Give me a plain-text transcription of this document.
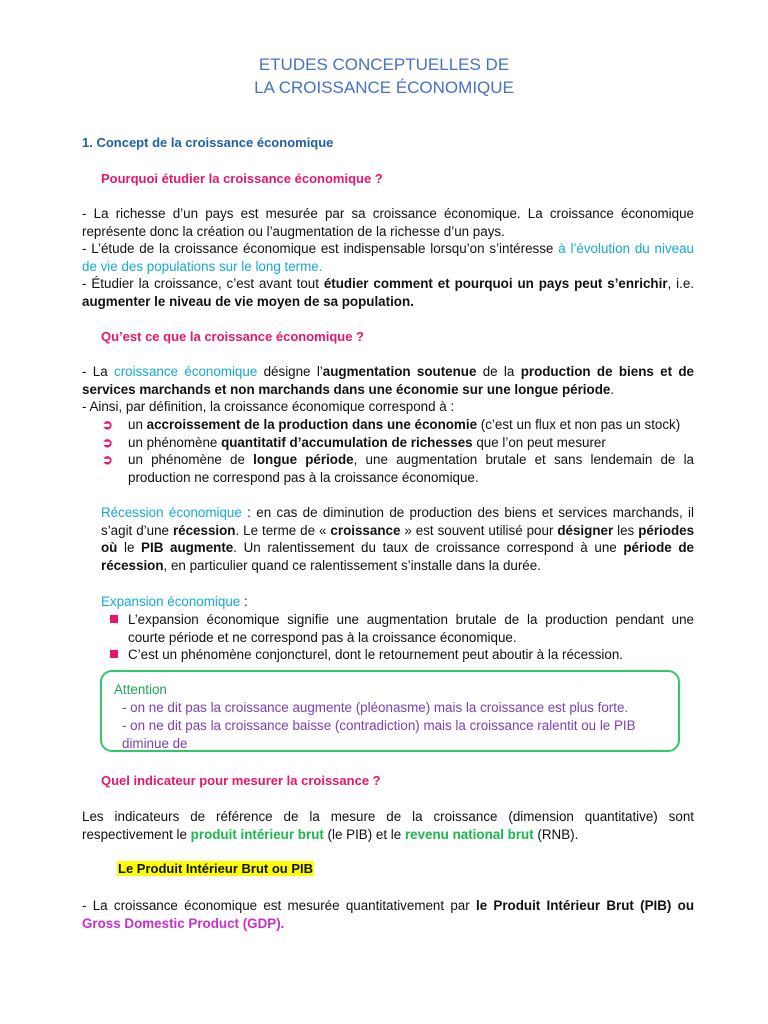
ETUDES CONCEPTUELLES DE
LA CROISSANCE ÉCONOMIQUE
1. Concept de la croissance économique
Pourquoi étudier la croissance économique ?
- La richesse d’un pays est mesurée par sa croissance économique. La croissance économique représente donc la création ou l’augmentation de la richesse d’un pays.
- L’étude de la croissance économique est indispensable lorsqu’on s’intéresse à l’évolution du niveau de vie des populations sur le long terme.
- Étudier la croissance, c’est avant tout étudier comment et pourquoi un pays peut s’enrichir, i.e. augmenter le niveau de vie moyen de sa population.
Qu’est ce que la croissance économique ?
- La croissance économique désigne l’augmentation soutenue de la production de biens et de services marchands et non marchands dans une économie sur une longue période.
- Ainsi, par définition, la croissance économique correspond à :
➲ un accroissement de la production dans une économie (c’est un flux et non pas un stock)
➲ un phénomène quantitatif d’accumulation de richesses que l’on peut mesurer
➲ un phénomène de longue période, une augmentation brutale et sans lendemain de la production ne correspond pas à la croissance économique.
Récession économique : en cas de diminution de production des biens et services marchands, il s’agit d’une récession. Le terme de « croissance » est souvent utilisé pour désigner les périodes où le PIB augmente. Un ralentissement du taux de croissance correspond à une période de récession, en particulier quand ce ralentissement s’installe dans la durée.
Expansion économique :
L’expansion économique signifie une augmentation brutale de la production pendant une courte période et ne correspond pas à la croissance économique.
C’est un phénomène conjoncturel, dont le retournement peut aboutir à la récession.
Attention
- on ne dit pas la croissance augmente (pléonasme) mais la croissance est plus forte.
- on ne dit pas la croissance baisse (contradiction) mais la croissance ralentit ou le PIB diminue de
Quel indicateur pour mesurer la croissance ?
Les indicateurs de référence de la mesure de la croissance (dimension quantitative) sont respectivement le produit intérieur brut (le PIB) et le revenu national brut (RNB).
Le Produit Intérieur Brut ou PIB
- La croissance économique est mesurée quantitativement par le Produit Intérieur Brut (PIB) ou Gross Domestic Product (GDP).
